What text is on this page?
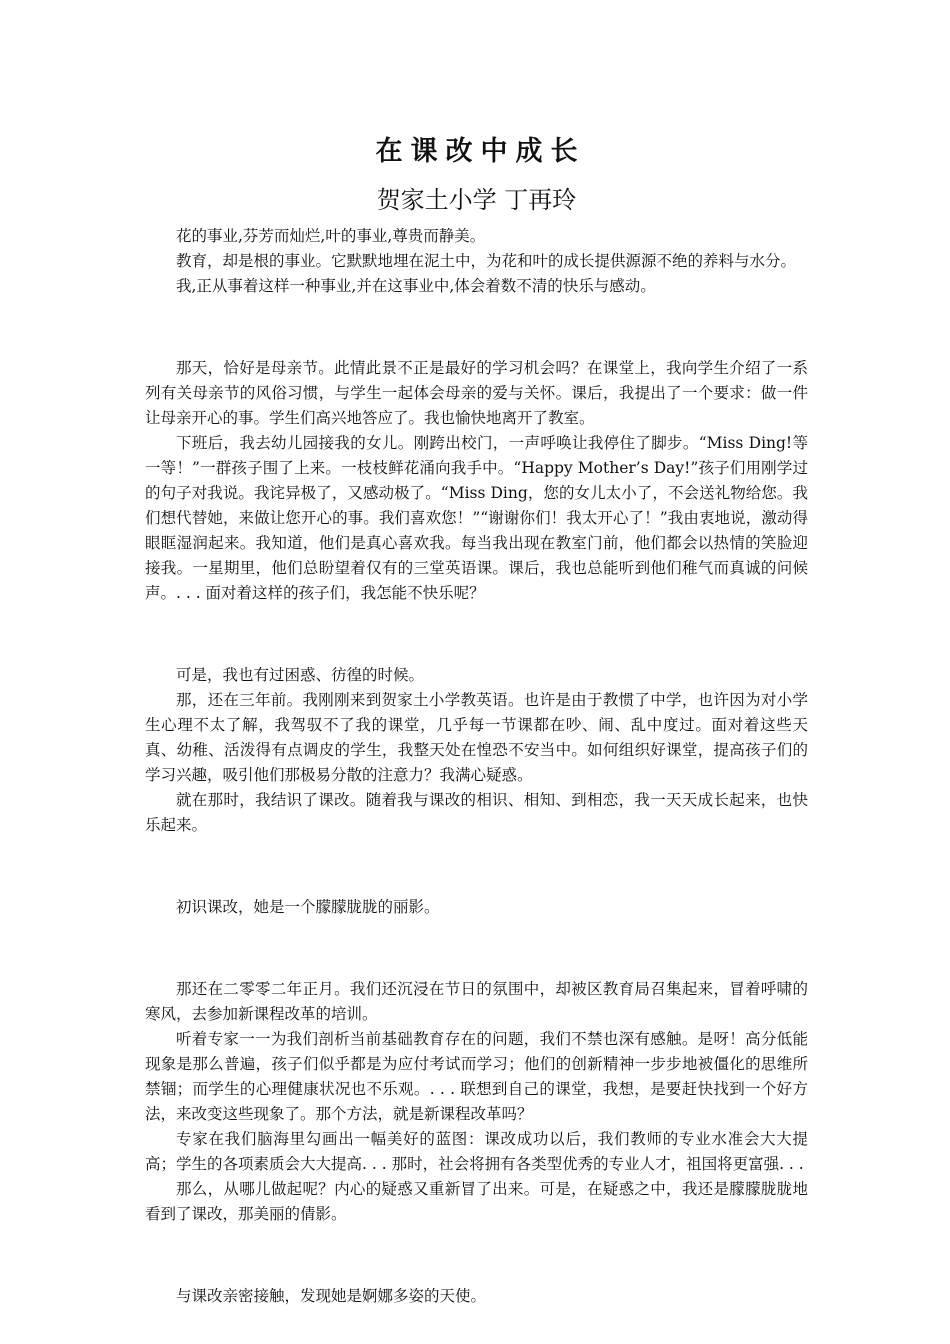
在课改中成长
贺家土小学 丁再玲

花的事业,芬芳而灿烂,叶的事业,尊贵而静美。

教育，却是根的事业。它默默地埋在泥土中，为花和叶的成长提供源源不绝的养料与水分。

我,正从事着这样一种事业,并在这事业中,体会着数不清的快乐与感动。

那天，恰好是母亲节。此情此景不正是最好的学习机会吗？在课堂上，我向学生介绍了一系列有关母亲节的风俗习惯，与学生一起体会母亲的爱与关怀。课后，我提出了一个要求：做一件让母亲开心的事。学生们高兴地答应了。我也愉快地离开了教室。

下班后，我去幼儿园接我的女儿。刚跨出校门，一声呼唤让我停住了脚步。“Miss Ding!等一等！”一群孩子围了上来。一枝枝鲜花涌向我手中。“Happy Mother’s Day!”孩子们用刚学过的句子对我说。我诧异极了，又感动极了。“Miss Ding，您的女儿太小了，不会送礼物给您。我们想代替她，来做让您开心的事。我们喜欢您！”“谢谢你们！我太开心了！”我由衷地说，激动得眼眶湿润起来。我知道，他们是真心喜欢我。每当我出现在教室门前，他们都会以热情的笑脸迎接我。一星期里，他们总盼望着仅有的三堂英语课。课后，我也总能听到他们稚气而真诚的问候声。. . . 面对着这样的孩子们，我怎能不快乐呢？

可是，我也有过困惑、彷徨的时候。

那，还在三年前。我刚刚来到贺家土小学教英语。也许是由于教惯了中学，也许因为对小学生心理不太了解，我驾驭不了我的课堂，几乎每一节课都在吵、闹、乱中度过。面对着这些天真、幼稚、活泼得有点调皮的学生，我整天处在惶恐不安当中。如何组织好课堂，提高孩子们的学习兴趣，吸引他们那极易分散的注意力？我满心疑惑。

就在那时，我结识了课改。随着我与课改的相识、相知、到相恋，我一天天成长起来，也快乐起来。

初识课改，她是一个朦朦胧胧的丽影。

那还在二零零二年正月。我们还沉浸在节日的氛围中，却被区教育局召集起来，冒着呼啸的寒风，去参加新课程改革的培训。

听着专家一一为我们剖析当前基础教育存在的问题，我们不禁也深有感触。是呀！高分低能现象是那么普遍，孩子们似乎都是为应付考试而学习；他们的创新精神一步步地被僵化的思维所禁锢；而学生的心理健康状况也不乐观。. . . 联想到自己的课堂，我想，是要赶快找到一个好方法，来改变这些现象了。那个方法，就是新课程改革吗？

专家在我们脑海里勾画出一幅美好的蓝图：课改成功以后，我们教师的专业水准会大大提高；学生的各项素质会大大提高. . . 那时，社会将拥有各类型优秀的专业人才，祖国将更富强. . .

那么，从哪儿做起呢？内心的疑惑又重新冒了出来。可是，在疑惑之中，我还是朦朦胧胧地看到了课改，那美丽的倩影。

与课改亲密接触，发现她是婀娜多姿的天使。
